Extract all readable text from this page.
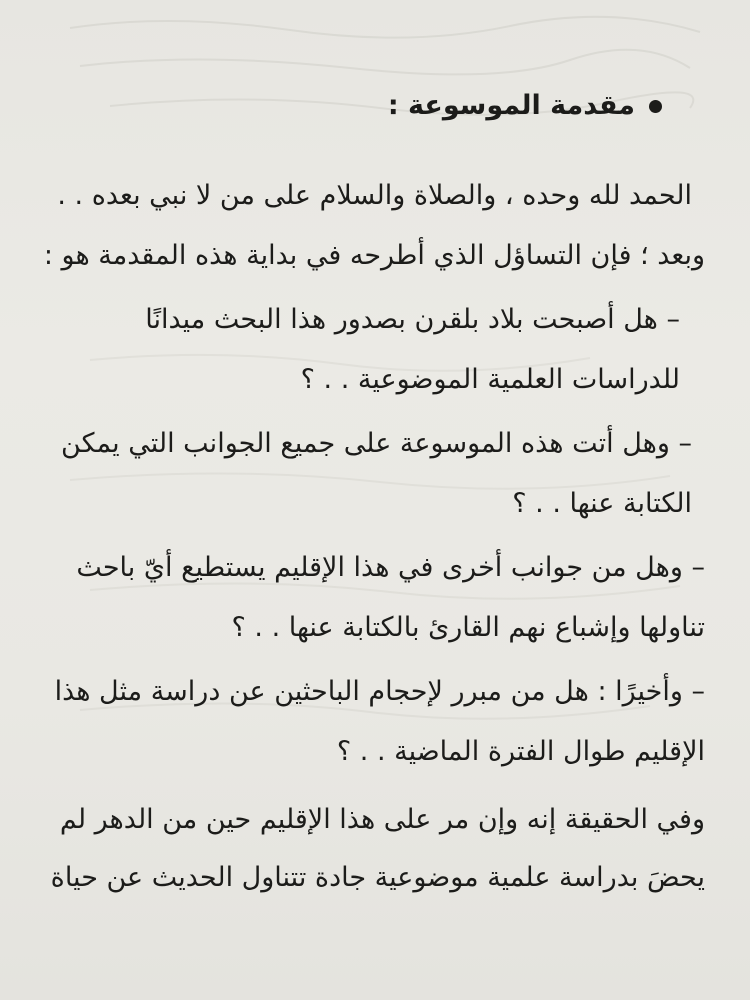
مقدمة الموسوعة :
الحمد لله وحده ، والصلاة والسلام على من لا نبي بعده . .
وبعد ؛ فإن التساؤل الذي أطرحه في بداية هذه المقدمة هو :
– هل أصبحت بلاد بلقرن بصدور هذا البحث ميدانًا
للدراسات العلمية الموضوعية . . ؟
– وهل أتت هذه الموسوعة على جميع الجوانب التي يمكن
الكتابة عنها . . ؟
– وهل من جوانب أخرى في هذا الإقليم يستطيع أيّ باحث
تناولها وإشباع نهم القارئ بالكتابة عنها . . ؟
– وأخيرًا : هل من مبرر لإحجام الباحثين عن دراسة مثل هذا
الإقليم طوال الفترة الماضية . . ؟
وفي الحقيقة إنه وإن مر على هذا الإقليم حين من الدهر لم
يحضَ بدراسة علمية موضوعية جادة تتناول الحديث عن حياة
